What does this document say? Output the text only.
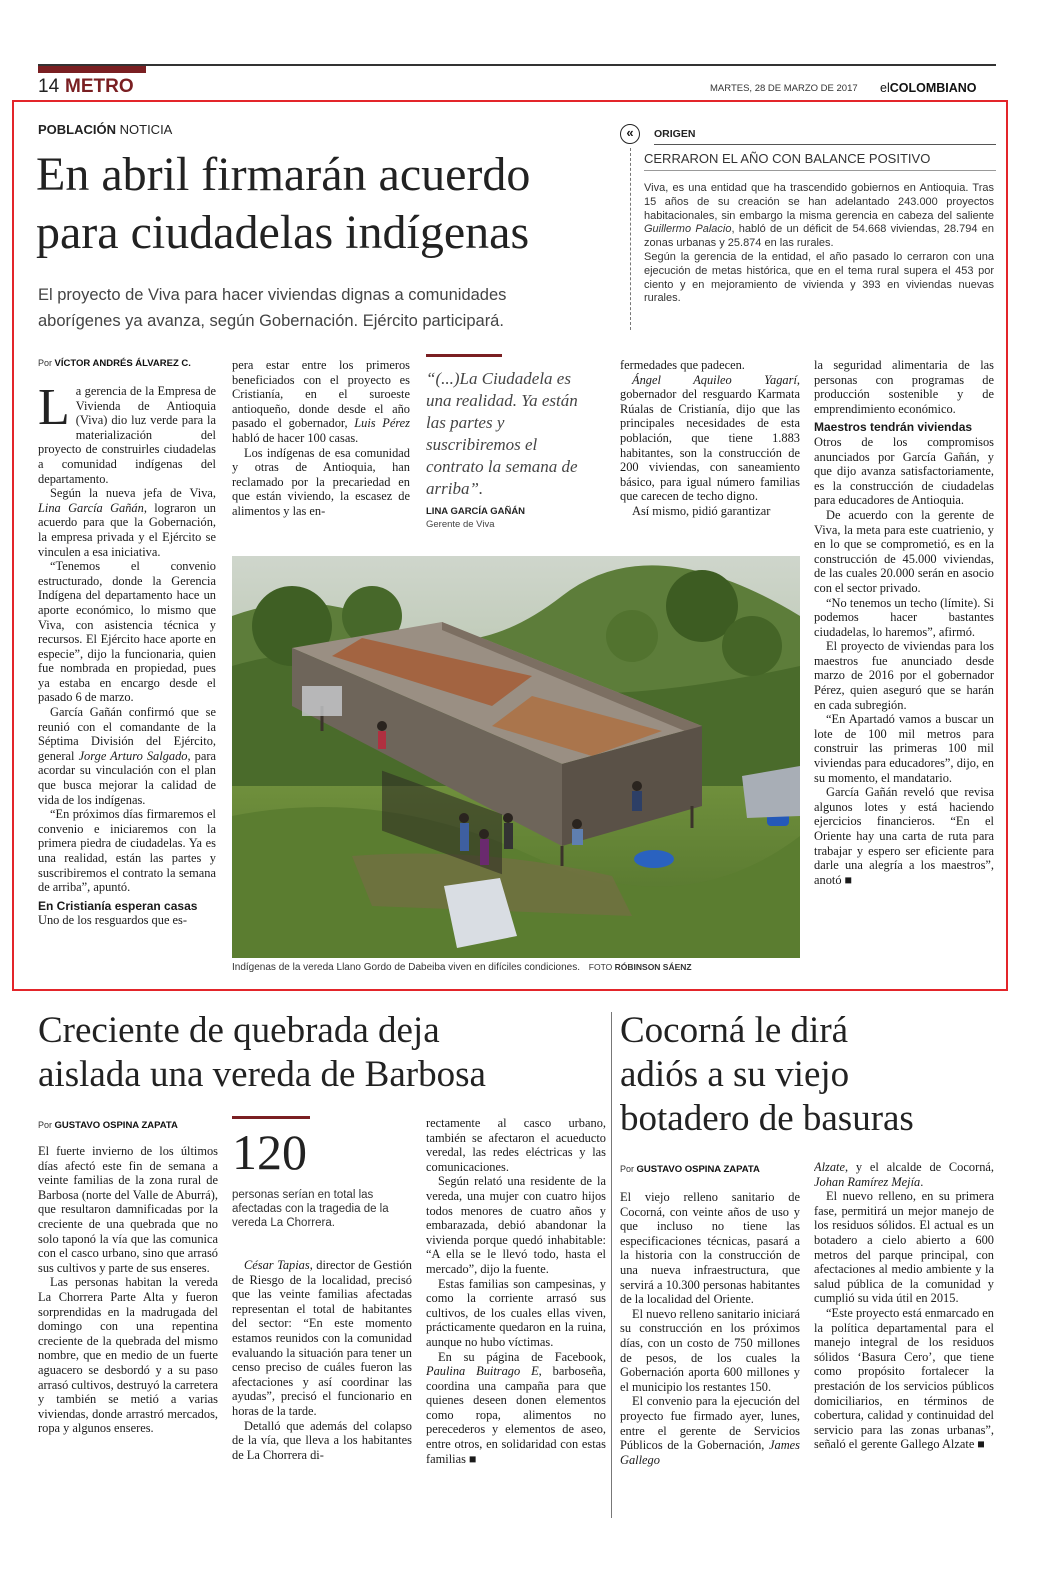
14 METRO	MARTES, 28 DE MARZO DE 2017 elCOLOMBIANO
POBLACIÓN NOTICIA
En abril firmarán acuerdo
para ciudadelas indígenas
El proyecto de Viva para hacer viviendas dignas a comunidades
aborígenes ya avanza, según Gobernación. Ejército participará.
«	ORIGEN
CERRARON EL AÑO CON BALANCE POSITIVO
Viva, es una entidad que ha trascendido gobiernos en Antioquia. Tras 15 años de su creación se han adelantado 243.000 proyectos habitacionales, sin embargo la misma gerencia en cabeza del saliente Guillermo Palacio, habló de un déficit de 54.668 viviendas, 28.794 en zonas urbanas y 25.874 en las rurales.
Según la gerencia de la entidad, el año pasado lo cerraron con una ejecución de metas histórica, que en el tema rural supera el 453 por ciento y en mejoramiento de vivienda y 393 en viviendas nuevas rurales.
Por VÍCTOR ANDRÉS ÁLVAREZ C.

La gerencia de la Empresa de Vivienda de Antioquia (Viva) dio luz verde para la materialización del proyecto de construirles ciudadelas a comunidad indígenas del departamento.

Según la nueva jefa de Viva, Lina García Gañán, lograron un acuerdo para que la Gobernación, la empresa privada y el Ejército se vinculen a esa iniciativa.

“Tenemos el convenio estructurado, donde la Gerencia Indígena del departamento hace un aporte económico, lo mismo que Viva, con asistencia técnica y recursos. El Ejército hace aporte en especie”, dijo la funcionaria, quien fue nombrada en propiedad, pues ya estaba en encargo desde el pasado 6 de marzo.

García Gañán confirmó que se reunió con el comandante de la Séptima División del Ejército, general Jorge Arturo Salgado, para acordar su vinculación con el plan que busca mejorar la calidad de vida de los indígenas.

“En próximos días firmaremos el convenio e iniciaremos con la primera piedra de ciudadelas. Ya es una realidad, están las partes y suscribiremos el contrato la semana de arriba”, apuntó.

En Cristianía esperan casas

Uno de los resguardos que es-

pera estar entre los primeros beneficiados con el proyecto es Cristianía, en el suroeste antioqueño, donde desde el año pasado el gobernador, Luis Pérez habló de hacer 100 casas.

Los indígenas de esa comunidad y otras de Antioquia, han reclamado por la precariedad en que están viviendo, la escasez de alimentos y las en-

“(...)La Ciudadela es una realidad. Ya están las partes y suscribiremos el contrato la semana de arriba”.
LINA GARCÍA GAÑÁN
Gerente de Viva

fermedades que padecen.

Ángel Aquileo Yagarí, gobernador del resguardo Karmata Rúalas de Cristianía, dijo que las principales necesidades de esta población, que tiene 1.883 habitantes, son la construcción de 200 viviendas, con saneamiento básico, para igual número familias que carecen de techo digno.

Así mismo, pidió garantizar

la seguridad alimentaria de las personas con programas de producción sostenible y de emprendimiento económico.

Maestros tendrán viviendas

Otros de los compromisos anunciados por García Gañán, y que dijo avanza satisfactoriamente, es la construcción de ciudadelas para educadores de Antioquia.

De acuerdo con la gerente de Viva, la meta para este cuatrienio, y en lo que se comprometió, es en la construcción de 45.000 viviendas, de las cuales 20.000 serán en asocio con el sector privado.

“No tenemos un techo (límite). Si podemos hacer bastantes ciudadelas, lo haremos”, afirmó.

El proyecto de viviendas para los maestros fue anunciado desde marzo de 2016 por el gobernador Pérez, quien aseguró que se harán en cada subregión.

“En Apartadó vamos a buscar un lote de 100 mil metros para construir las primeras 100 mil viviendas para educadores”, dijo, en su momento, el mandatario.

García Gañán reveló que revisa algunos lotes y está haciendo ejercicios financieros. “En el Oriente hay una carta de ruta para trabajar y espero ser eficiente para darle una alegría a los maestros”, anotó ■

Indígenas de la vereda Llano Gordo de Dabeiba viven en difíciles condiciones. FOTO RÓBINSON SÁENZ
Creciente de quebrada deja
aislada una vereda de Barbosa
Por GUSTAVO OSPINA ZAPATA

El fuerte invierno de los últimos días afectó este fin de semana a veinte familias de la zona rural de Barbosa (norte del Valle de Aburrá), que resultaron damnificadas por la creciente de una quebrada que no solo taponó la vía que las comunica con el casco urbano, sino que arrasó sus cultivos y parte de sus enseres.

Las personas habitan la vereda La Chorrera Parte Alta y fueron sorprendidas en la madrugada del domingo con una repentina creciente de la quebrada del mismo nombre, que en medio de un fuerte aguacero se desbordó y a su paso arrasó cultivos, destruyó la carretera y también se metió a varias viviendas, donde arrastró mercados, ropa y algunos enseres.

120
personas serían en total las afectadas con la tragedia de la vereda La Chorrera.

César Tapias, director de Gestión de Riesgo de la localidad, precisó que las veinte familias afectadas representan el total de habitantes del sector: “En este momento estamos reunidos con la comunidad evaluando la situación para tener un censo preciso de cuáles fueron las afectaciones y así coordinar las ayudas”, precisó el funcionario en horas de la tarde.

Detalló que además del colapso de la vía, que lleva a los habitantes de La Chorrera di-

rectamente al casco urbano, también se afectaron el acueducto veredal, las redes eléctricas y las comunicaciones.

Según relató una residente de la vereda, una mujer con cuatro hijos todos menores de cuatro años y embarazada, debió abandonar la vivienda porque quedó inhabitable: “A ella se le llevó todo, hasta el mercado”, dijo la fuente.

Estas familias son campesinas, y como la corriente arrasó sus cultivos, de los cuales ellas viven, prácticamente quedaron en la ruina, aunque no hubo víctimas.

En su página de Facebook, Paulina Buitrago E, barboseña, coordina una campaña para que quienes deseen donen elementos como ropa, alimentos no perecederos y elementos de aseo, entre otros, en solidaridad con estas familias ■

Cocorná le dirá
adiós a su viejo
botadero de basuras
Por GUSTAVO OSPINA ZAPATA

El viejo relleno sanitario de Cocorná, con veinte años de uso y que incluso no tiene las especificaciones técnicas, pasará a la historia con la construcción de una nueva infraestructura, que servirá a 10.300 personas habitantes de la localidad del Oriente.

El nuevo relleno sanitario iniciará su construcción en los próximos días, con un costo de 750 millones de pesos, de los cuales la Gobernación aporta 600 millones y el municipio los restantes 150.

El convenio para la ejecución del proyecto fue firmado ayer, lunes, entre el gerente de Servicios Públicos de la Gobernación, James Gallego

Alzate, y el alcalde de Cocorná, Johan Ramírez Mejía.

El nuevo relleno, en su primera fase, permitirá un mejor manejo de los residuos sólidos. El actual es un botadero a cielo abierto a 600 metros del parque principal, con afectaciones al medio ambiente y la salud pública de la comunidad y cumplió su vida útil en 2015.

“Este proyecto está enmarcado en la política departamental para el manejo integral de los residuos sólidos ‘Basura Cero’, que tiene como propósito fortalecer la prestación de los servicios públicos domiciliarios, en términos de cobertura, calidad y continuidad del servicio para las zonas urbanas”, señaló el gerente Gallego Alzate ■
